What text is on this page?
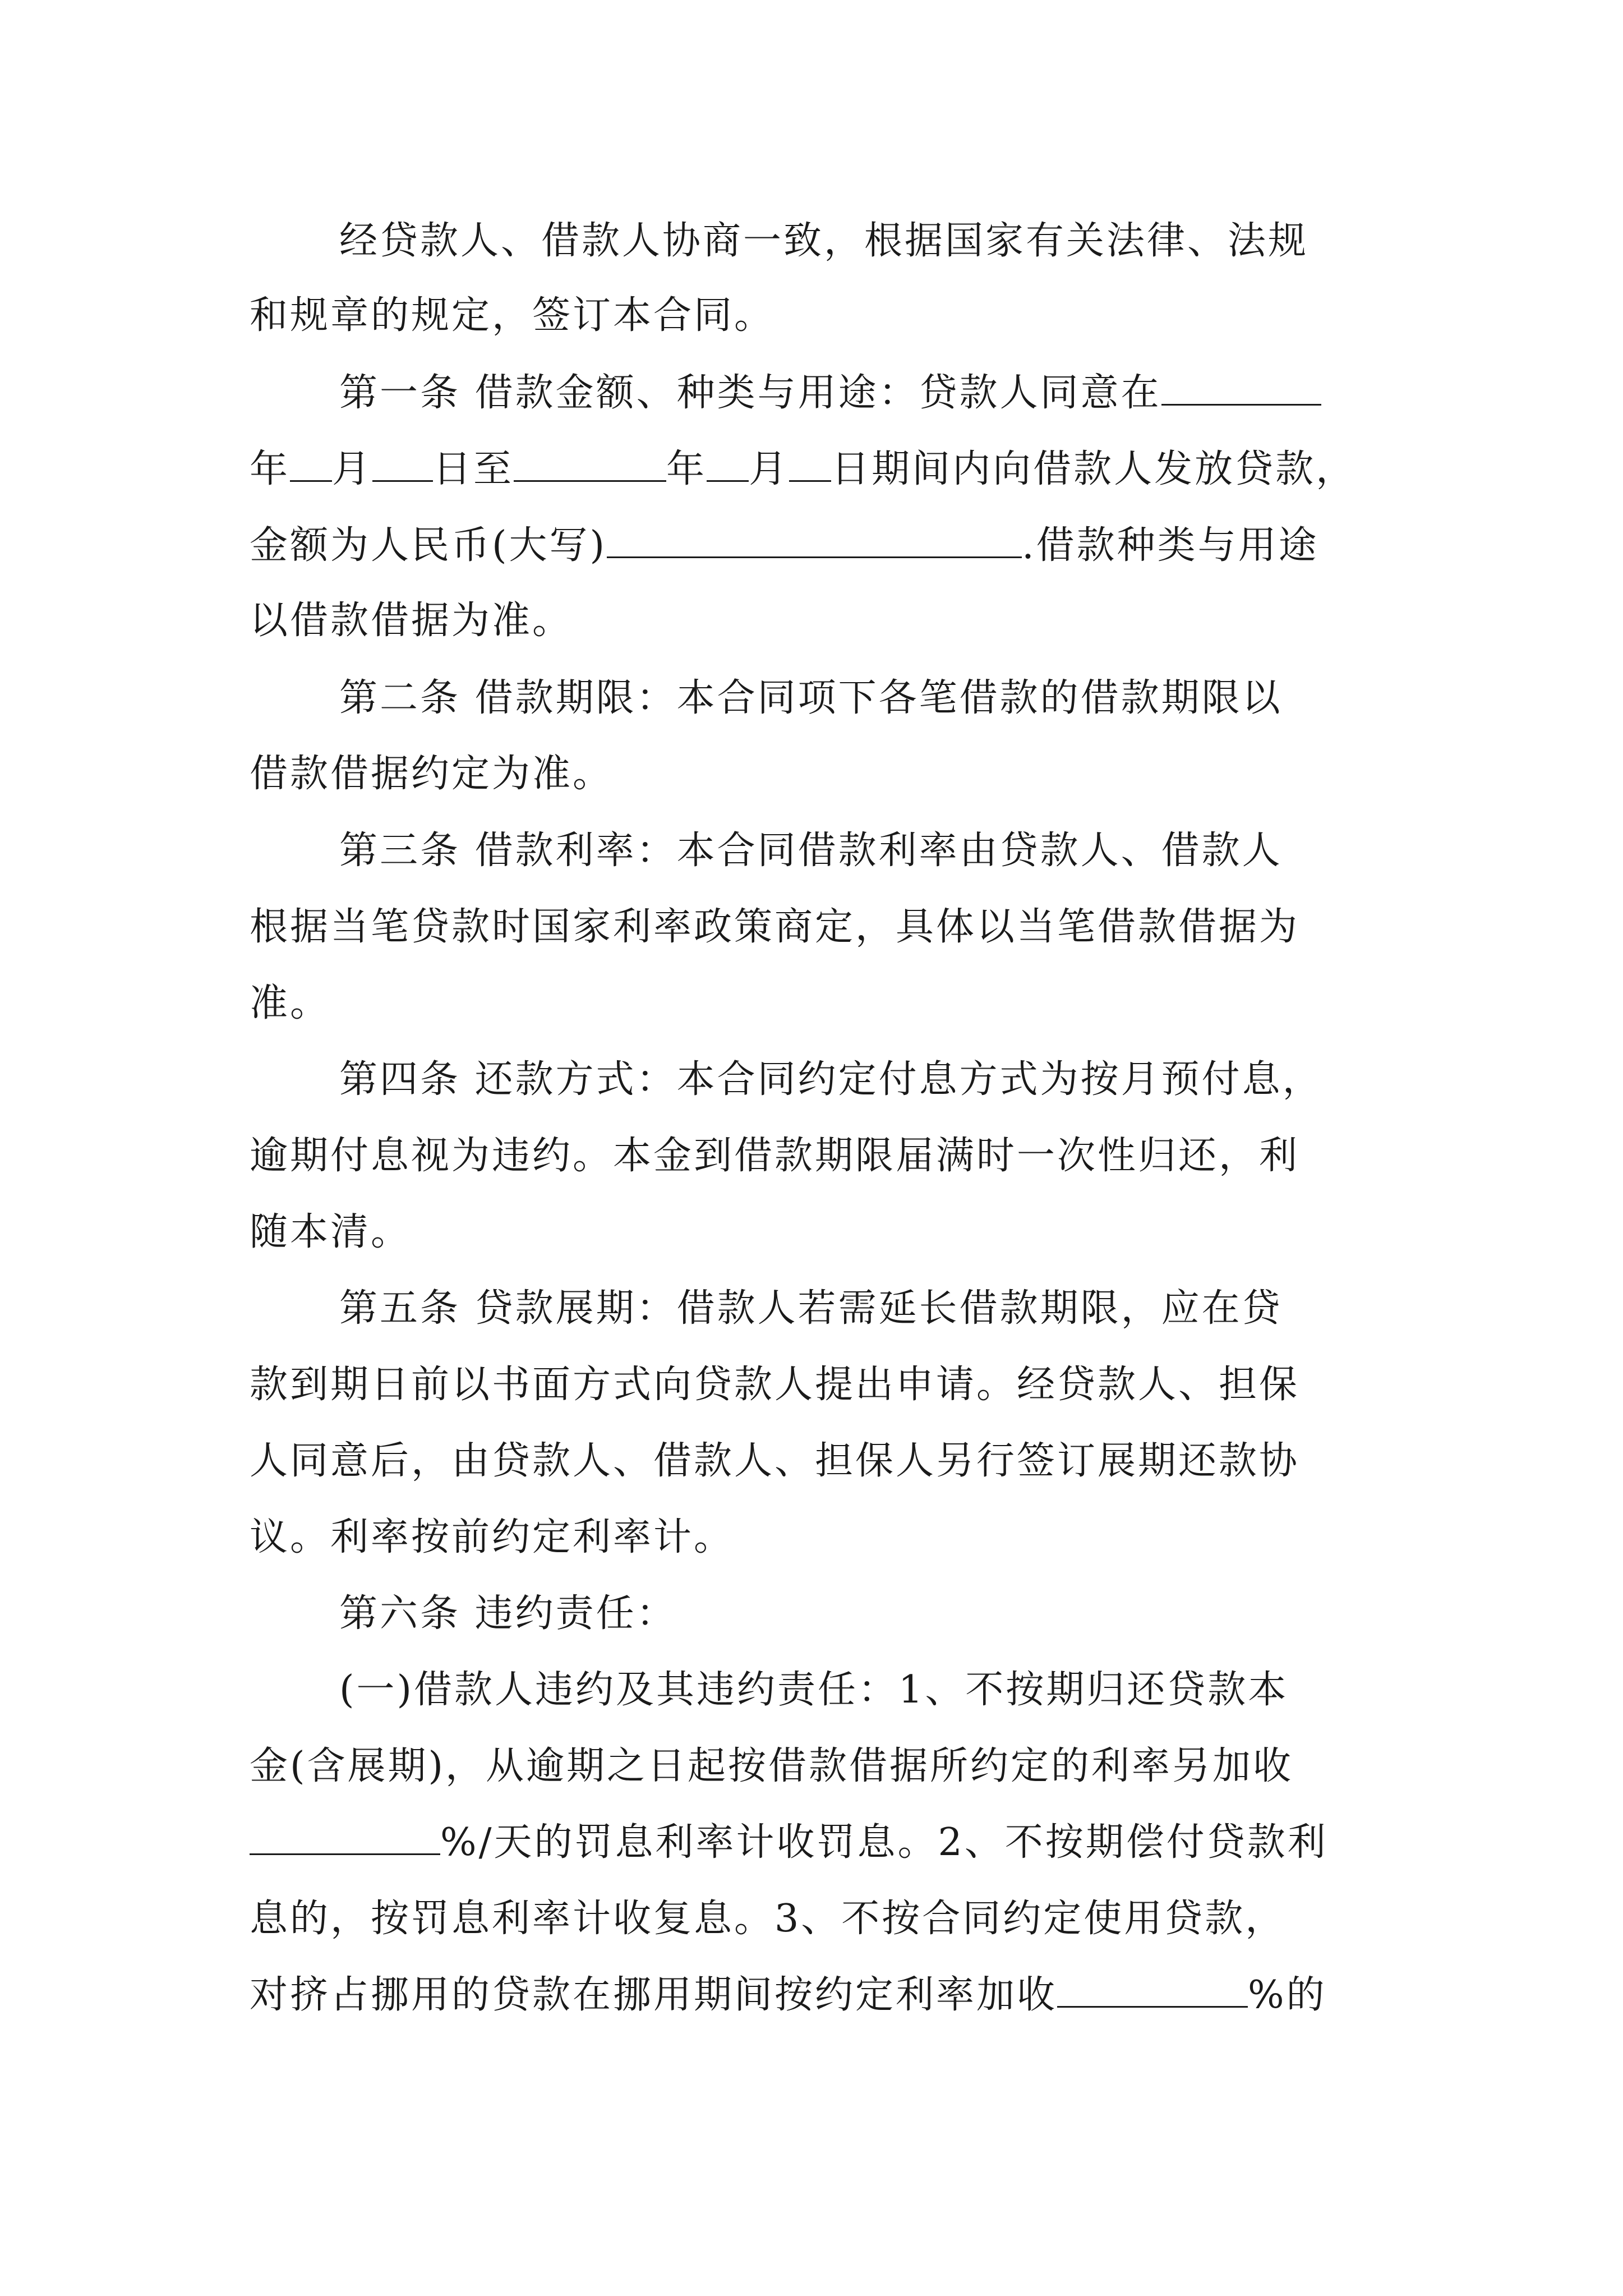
经贷款人、借款人协商一致，根据国家有关法律、法规
和规章的规定，签订本合同。
第一条 借款金额、种类与用途：贷款人同意在
年 月 日至	年 月 日期间内向借款人发放贷款，
金额为人民币(大写)	.借款种类与用途
以借款借据为准。
第二条 借款期限：本合同项下各笔借款的借款期限以
借款借据约定为准。
第三条 借款利率：本合同借款利率由贷款人、借款人
根据当笔贷款时国家利率政策商定，具体以当笔借款借据为
准。
第四条 还款方式：本合同约定付息方式为按月预付息，
逾期付息视为违约。本金到借款期限届满时一次性归还，利
随本清。
第五条 贷款展期：借款人若需延长借款期限，应在贷
款到期日前以书面方式向贷款人提出申请。经贷款人、担保
人同意后，由贷款人、借款人、担保人另行签订展期还款协
议。利率按前约定利率计。
第六条 违约责任：
(一)借款人违约及其违约责任：1、不按期归还贷款本
金(含展期)，从逾期之日起按借款借据所约定的利率另加收
%/天的罚息利率计收罚息。2、不按期偿付贷款利
息的，按罚息利率计收复息。3、不按合同约定使用贷款，
对挤占挪用的贷款在挪用期间按约定利率加收	%的
